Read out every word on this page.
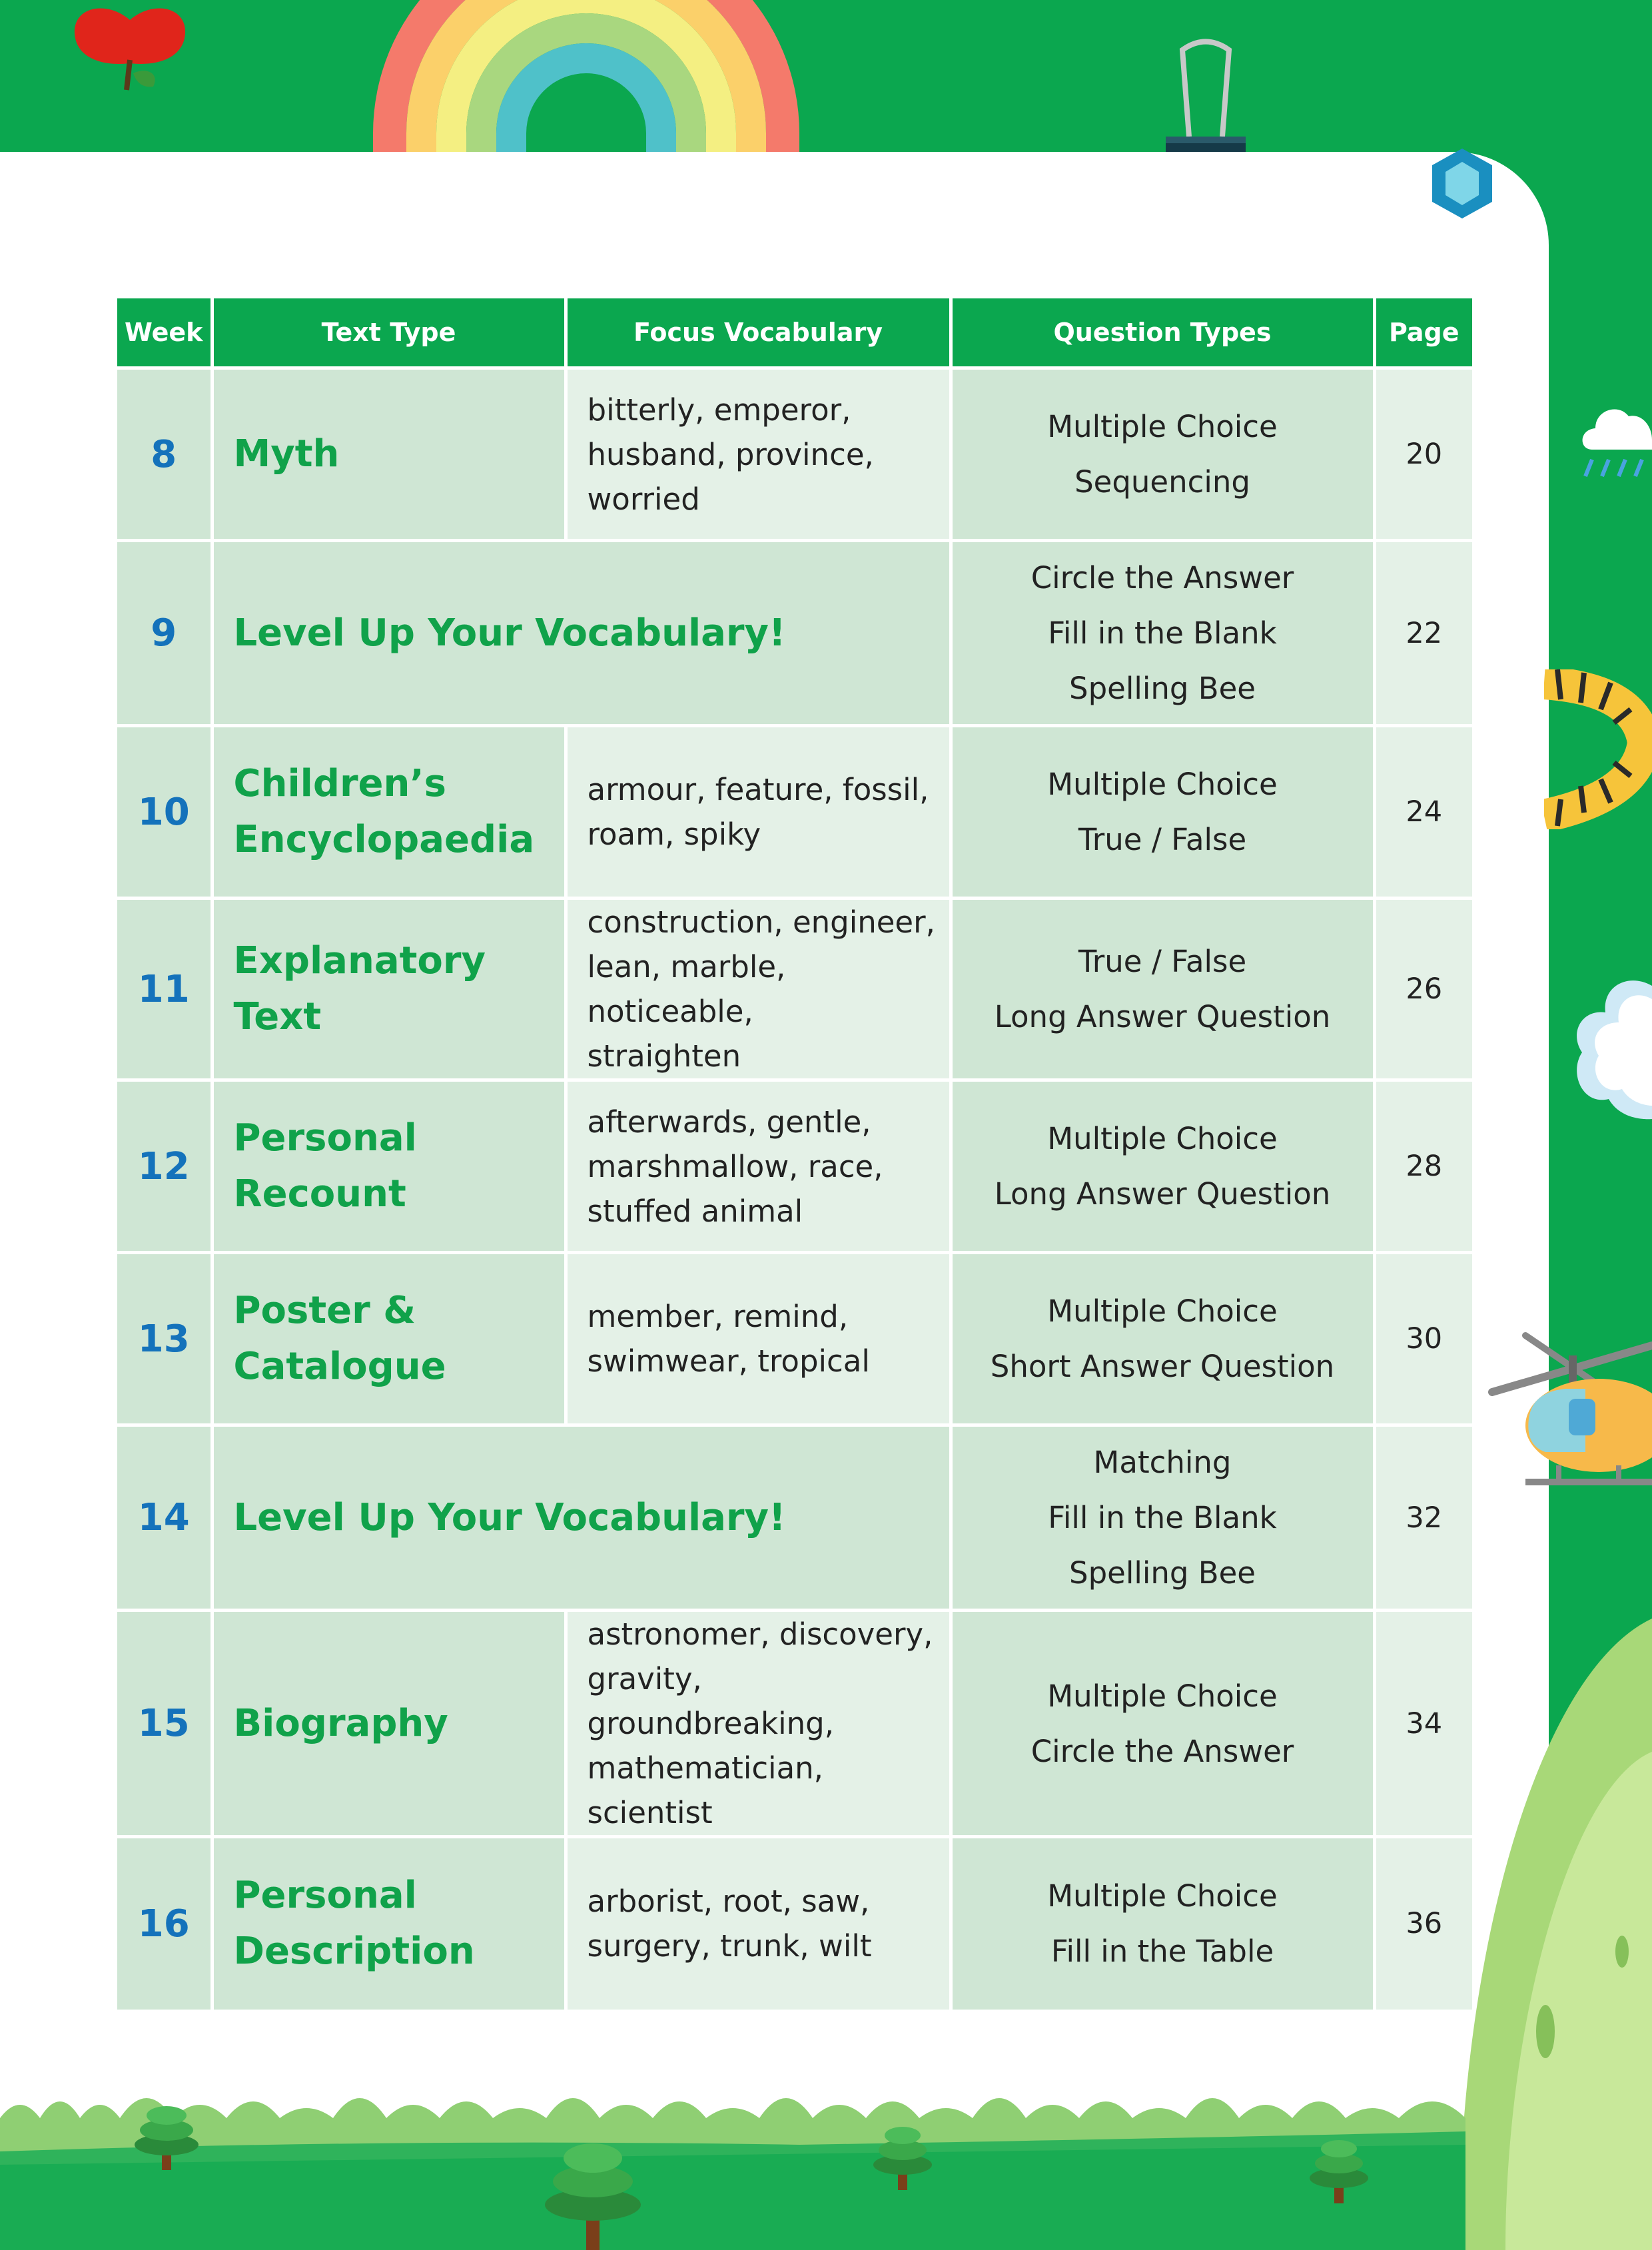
Week	Text Type	Focus Vocabulary	Question Types	Page
8	Myth	bitterly, emperor,
husband, province,
worried	Multiple Choice
Sequencing	20
9	Level Up Your Vocabulary!		Circle the Answer
Fill in the Blank
Spelling Bee	22
10	Children’s
Encyclopaedia	armour, feature, fossil,
roam, spiky	Multiple Choice
True / False	24
11	Explanatory Text	construction, engineer,
lean, marble, noticeable,
straighten	True / False
Long Answer Question	26
12	Personal
Recount	afterwards, gentle,
marshmallow, race,
stuffed animal	Multiple Choice
Long Answer Question	28
13	Poster &
Catalogue	member, remind,
swimwear, tropical	Multiple Choice
Short Answer Question	30
14	Level Up Your Vocabulary!		Matching
Fill in the Blank
Spelling Bee	32
15	Biography	astronomer, discovery,
gravity, groundbreaking,
mathematician, scientist	Multiple Choice
Circle the Answer	34
16	Personal
Description	arborist, root, saw,
surgery, trunk, wilt	Multiple Choice
Fill in the Table	36
